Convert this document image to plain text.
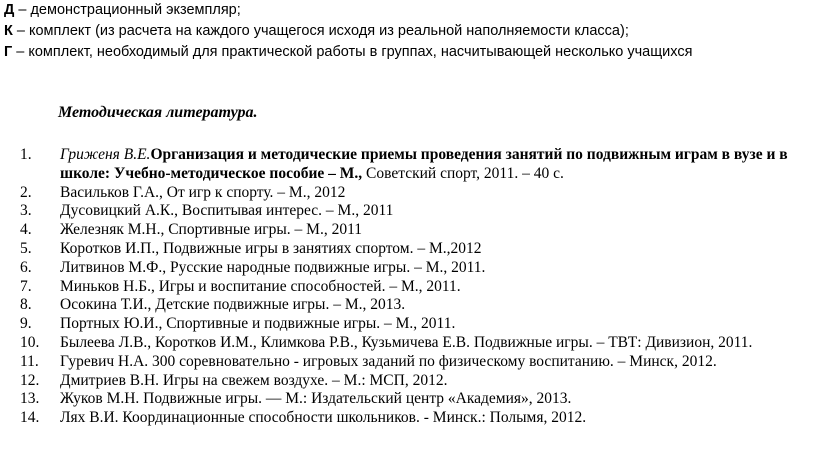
Д – демонстрационный экземпляр;
К – комплект (из расчета на каждого учащегося исходя из реальной наполняемости класса);
Г – комплект, необходимый для практической работы в группах, насчитывающей несколько учащихся
Методическая литература.
1. Гриженя В.Е.Организация и методические приемы проведения занятий по подвижным играм в вузе и в
школе: Учебно-методическое пособие – М., Советский спорт, 2011. – 40 с.
2. Васильков Г.А., От игр к спорту. – М., 2012
3. Дусовицкий А.К., Воспитывая интерес. – М., 2011
4. Железняк М.Н., Спортивные игры. – М., 2011
5. Коротков И.П., Подвижные игры в занятиях спортом. – М.,2012
6. Литвинов М.Ф., Русские народные подвижные игры. – М., 2011.
7. Миньков Н.Б., Игры и воспитание способностей. – М., 2011.
8. Осокина Т.И., Детские подвижные игры. – М., 2013.
9. Портных Ю.И., Спортивные и подвижные игры. – М., 2011.
10. Былеева Л.В., Коротков И.М., Климкова Р.В., Кузьмичева Е.В. Подвижные игры. – ТВТ: Дивизион, 2011.
11. Гуревич Н.А. 300 соревновательно - игровых заданий по физическому воспитанию. – Минск, 2012.
12. Дмитриев В.Н. Игры на свежем воздухе. – М.: МСП, 2012.
13. Жуков М.Н. Подвижные игры. — М.: Издательский центр «Академия», 2013.
14. Лях В.И. Координационные способности школьников. - Минск.: Полымя, 2012.
